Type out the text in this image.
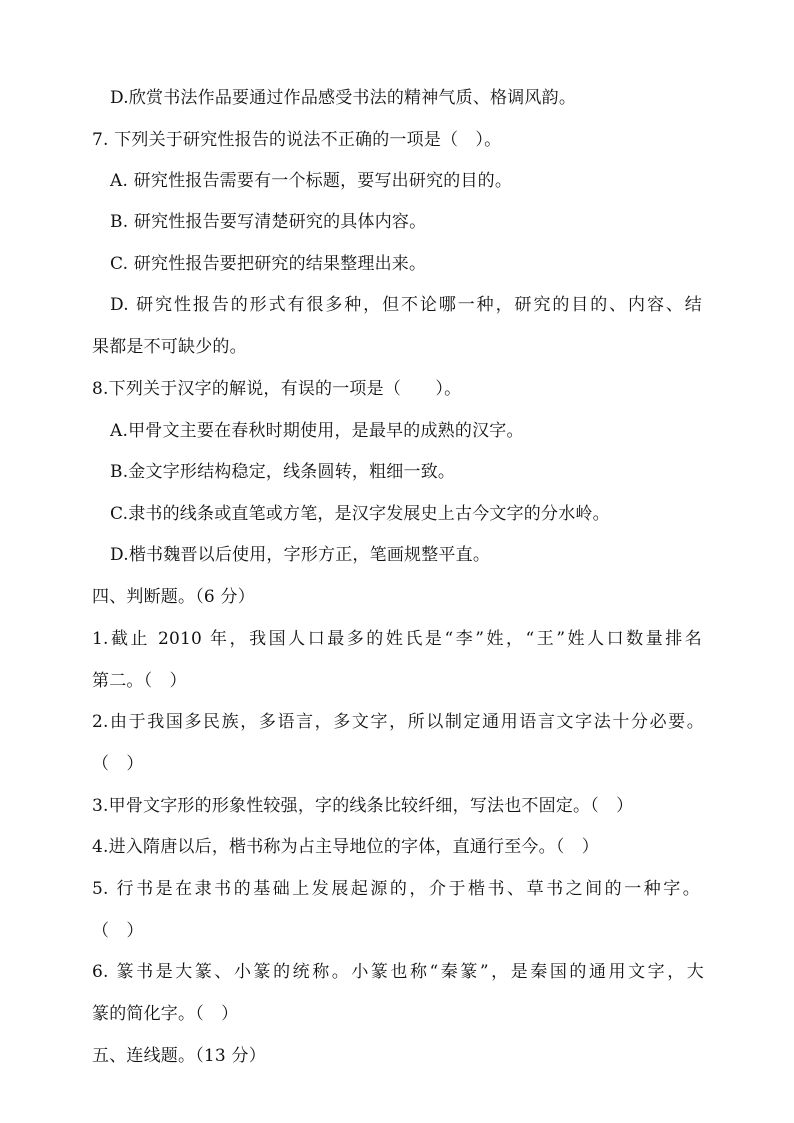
D.欣赏书法作品要通过作品感受书法的精神气质、格调风韵。
7. 下列关于研究性报告的说法不正确的一项是（　）。
A. 研究性报告需要有一个标题，要写出研究的目的。
B. 研究性报告要写清楚研究的具体内容。
C. 研究性报告要把研究的结果整理出来。
D. 研究性报告的形式有很多种，但不论哪一种，研究的目的、内容、结
果都是不可缺少的。
8.下列关于汉字的解说，有误的一项是（　　）。
A.甲骨文主要在春秋时期使用，是最早的成熟的汉字。
B.金文字形结构稳定，线条圆转，粗细一致。
C.隶书的线条或直笔或方笔，是汉字发展史上古今文字的分水岭。
D.楷书魏晋以后使用，字形方正，笔画规整平直。
四、判断题。（6 分）
1.截止 2010 年，我国人口最多的姓氏是“李”姓，“王”姓人口数量排名
第二。（　）
2.由于我国多民族，多语言，多文字，所以制定通用语言文字法十分必要。
（　）
3.甲骨文字形的形象性较强，字的线条比较纤细，写法也不固定。（　）
4.进入隋唐以后，楷书称为占主导地位的字体，直通行至今。（　）
5. 行书是在隶书的基础上发展起源的，介于楷书、草书之间的一种字。
（　）
6. 篆书是大篆、小篆的统称。小篆也称“秦篆”，是秦国的通用文字，大
篆的简化字。（　）
五、连线题。（13 分）
